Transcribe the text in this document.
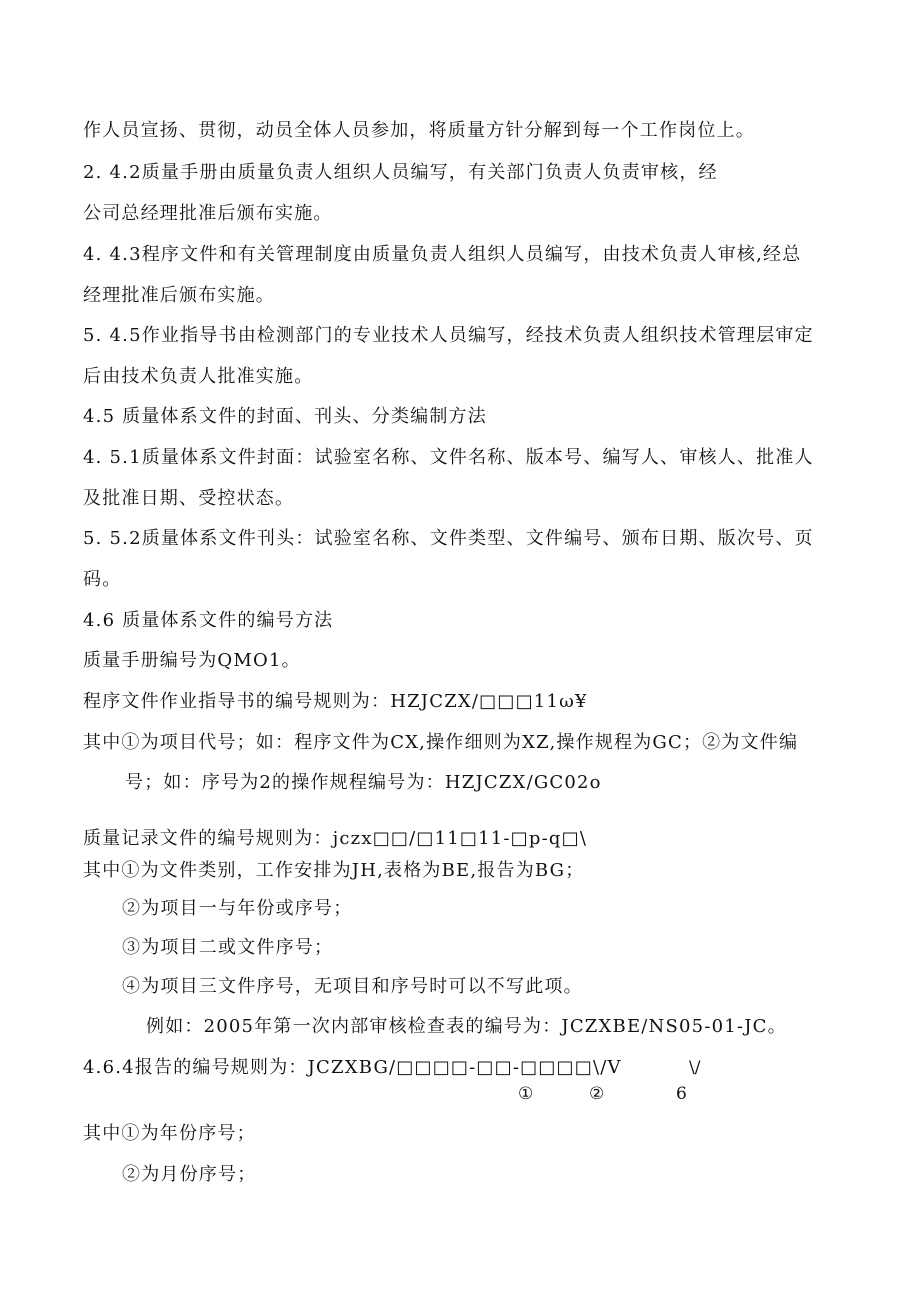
作人员宣扬、贯彻，动员全体人员参加，将质量方针分解到每一个工作岗位上。
2. 4.2质量手册由质量负责人组织人员编写，有关部门负责人负责审核，经
公司总经理批准后颁布实施。
4. 4.3程序文件和有关管理制度由质量负责人组织人员编写，由技术负责人审核,经总
经理批准后颁布实施。
5. 4.5作业指导书由检测部门的专业技术人员编写，经技术负责人组织技术管理层审定
后由技术负责人批准实施。
4.5 质量体系文件的封面、刊头、分类编制方法
4. 5.1质量体系文件封面：试验室名称、文件名称、版本号、编写人、审核人、批准人
及批准日期、受控状态。
5. 5.2质量体系文件刊头：试验室名称、文件类型、文件编号、颁布日期、版次号、页
码。
4.6 质量体系文件的编号方法
质量手册编号为QMO1。
程序文件作业指导书的编号规则为：HZJCZX/□□□11ω¥
其中①为项目代号；如：程序文件为CX,操作细则为XZ,操作规程为GC；②为文件编
号；如：序号为2的操作规程编号为：HZJCZX/GC02o
质量记录文件的编号规则为：jczx□□/□11□11-□p-q□\
其中①为文件类别，工作安排为JH,表格为BE,报告为BG；
②为项目一与年份或序号；
③为项目二或文件序号；
④为项目三文件序号，无项目和序号时可以不写此项。
例如：2005年第一次内部审核检查表的编号为：JCZXBE/NS05-01-JC。
4.6.4报告的编号规则为：JCZXBG/□□□□-□□-□□□□\/V	\/
①	②	6
其中①为年份序号；
②为月份序号；
